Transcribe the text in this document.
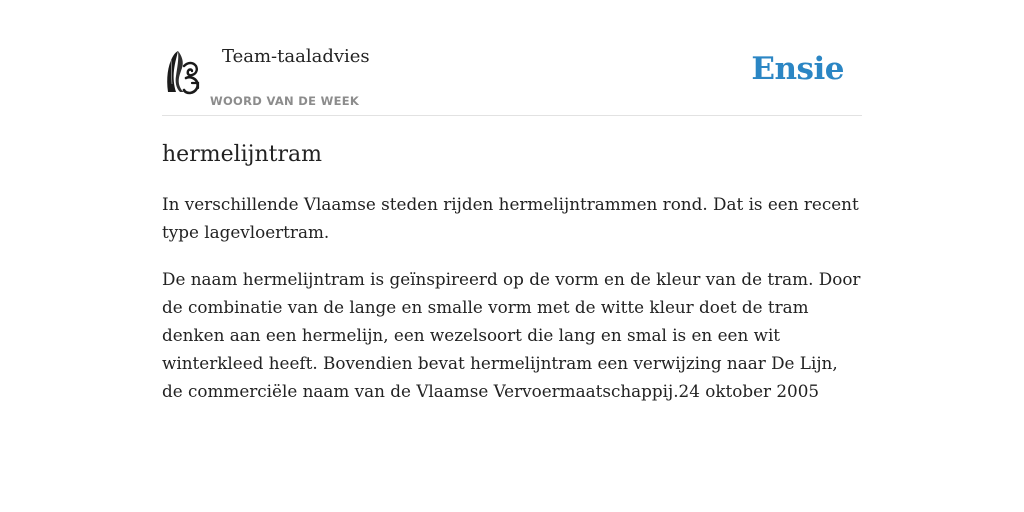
Team-taaladvies
WOORD VAN DE WEEK
Ensie
hermelijntram

In verschillende Vlaamse steden rijden hermelijntrammen rond. Dat is een recent type lagevloertram.

De naam hermelijntram is geïnspireerd op de vorm en de kleur van de tram. Door de combinatie van de lange en smalle vorm met de witte kleur doet de tram denken aan een hermelijn, een wezelsoort die lang en smal is en een wit winterkleed heeft. Bovendien bevat hermelijntram een verwijzing naar De Lijn, de commerciële naam van de Vlaamse Vervoermaatschappij.24 oktober 2005
